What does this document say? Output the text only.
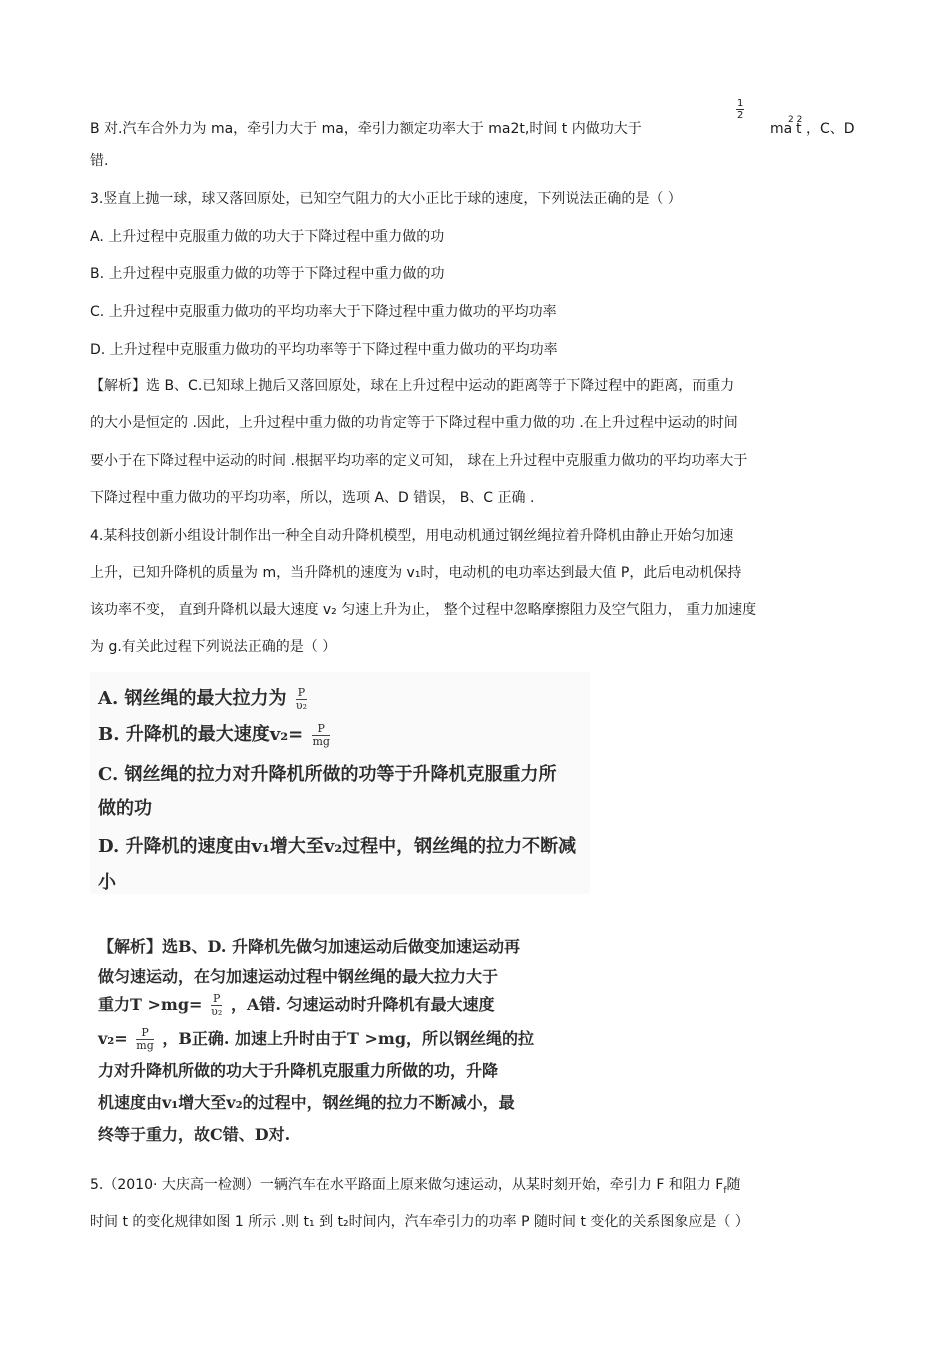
B 对.汽车合外力为 ma，牵引力大于 ma，牵引力额定功率大于 ma2t,时间 t 内做功大于
$\frac{1}{2}$
ma
2 2
t ，C、D
错.
3.竖直上抛一球，球又落回原处，已知空气阻力的大小正比于球的速度，下列说法正确的是（ ）
A. 上升过程中克服重力做的功大于下降过程中重力做的功
B. 上升过程中克服重力做的功等于下降过程中重力做的功
C. 上升过程中克服重力做功的平均功率大于下降过程中重力做功的平均功率
D. 上升过程中克服重力做功的平均功率等于下降过程中重力做功的平均功率
【解析】选 B、C.已知球上抛后又落回原处，球在上升过程中运动的距离等于下降过程中的距离，而重力
的大小是恒定的 .因此，上升过程中重力做的功肯定等于下降过程中重力做的功 .在上升过程中运动的时间
要小于在下降过程中运动的时间 .根据平均功率的定义可知， 球在上升过程中克服重力做功的平均功率大于
下降过程中重力做功的平均功率，所以，选项 A、D 错误， B、C 正确 .
4.某科技创新小组设计制作出一种全自动升降机模型，用电动机通过钢丝绳拉着升降机由静止开始匀加速
上升，已知升降机的质量为 m，当升降机的速度为 v₁时，电动机的电功率达到最大值 P，此后电动机保持
该功率不变， 直到升降机以最大速度 v₂ 匀速上升为止， 整个过程中忽略摩擦阻力及空气阻力， 重力加速度
为 g.有关此过程下列说法正确的是（ ）
A. 钢丝绳的最大拉力为 $\frac{P}{\text{υ₂}}$
B. 升降机的最大速度$v_2= \frac{P}{mg}$
C. 钢丝绳的拉力对升降机所做的功等于升降机克服重力所
做的功
D. 升降机的速度由v₁增大至v₂过程中，钢丝绳的拉力不断减
小
【解析】选B、D. 升降机先做匀加速运动后做变加速运动再
做匀速运动，在匀加速运动过程中钢丝绳的最大拉力大于
重力$T >mg= \frac{P}{\text{υ₂}}$ ，A错. 匀速运动时升降机有最大速度
$v_2= \frac{P}{mg}$ ，B正确. 加速上升时由于T >mg，所以钢丝绳的拉
力对升降机所做的功大于升降机克服重力所做的功，升降
机速度由v₁增大至v₂的过程中，钢丝绳的拉力不断减小，最
终等于重力，故C错、D对.
5.（2010· 大庆高一检测）一辆汽车在水平路面上原来做匀速运动，从某时刻开始，牵引力 F 和阻力 $F_f$随
时间 t 的变化规律如图 1 所示 .则 t₁ 到 t₂时间内，汽车牵引力的功率 P 随时间 t 变化的关系图象应是（ ）
